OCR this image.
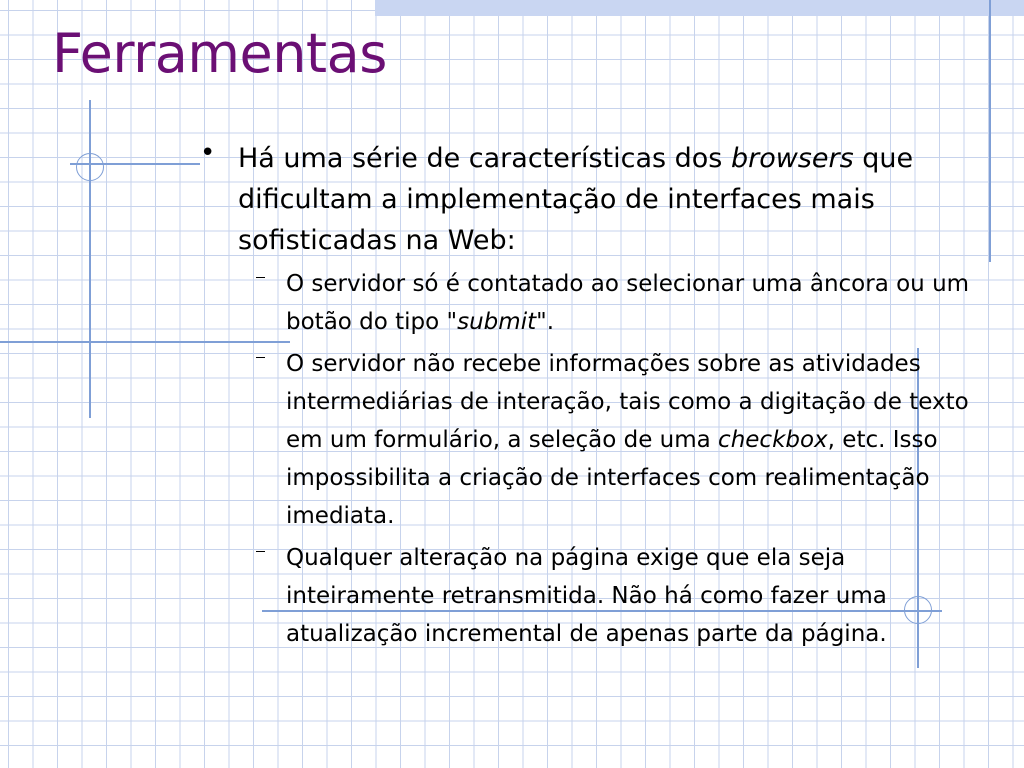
Ferramentas
• Há uma série de características dos browsers que dificultam a implementação de interfaces mais sofisticadas na Web:
O servidor só é contatado ao selecionar uma âncora ou um botão do tipo "submit".
O servidor não recebe informações sobre as atividades intermediárias de interação, tais como a digitação de texto em um formulário, a seleção de uma checkbox, etc. Isso impossibilita a criação de interfaces com realimentação imediata.
Qualquer alteração na página exige que ela seja inteiramente retransmitida. Não há como fazer uma atualização incremental de apenas parte da página.
